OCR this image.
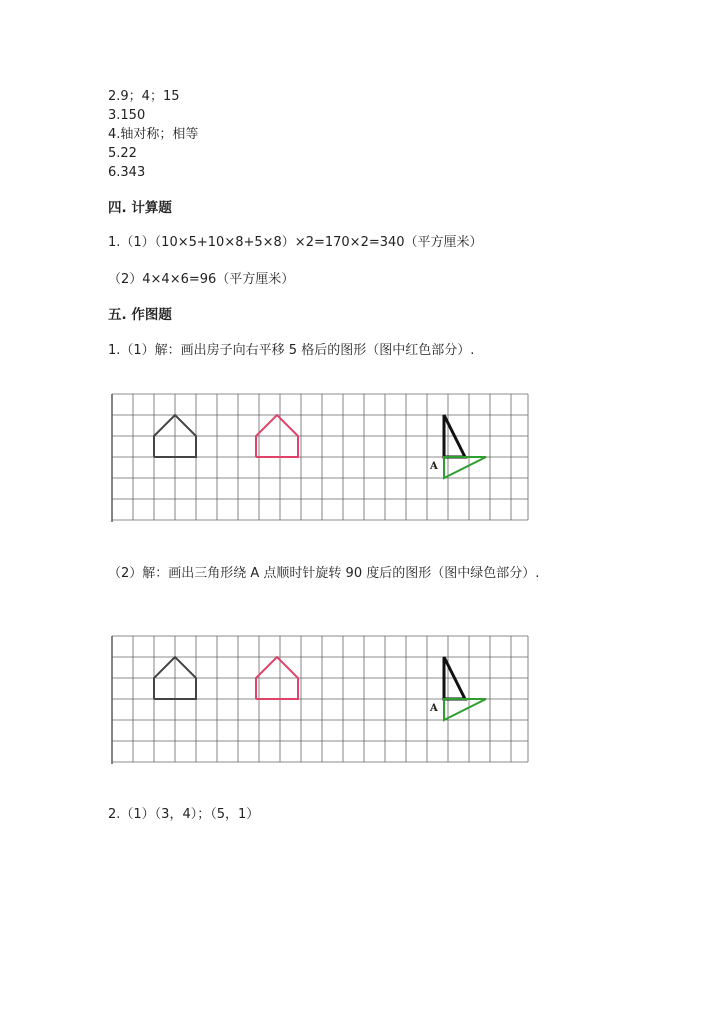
2.9；4；15
3.150
4.轴对称；相等
5.22
6.343
四. 计算题
1.（1）（10×5+10×8+5×8）×2=170×2=340（平方厘米）
（2）4×4×6=96（平方厘米）
五. 作图题
1.（1）解：画出房子向右平移 5 格后的图形（图中红色部分）.
A
（2）解：画出三角形绕 A 点顺时针旋转 90 度后的图形（图中绿色部分）.
A
2.（1）（3，4）；（5，1）
